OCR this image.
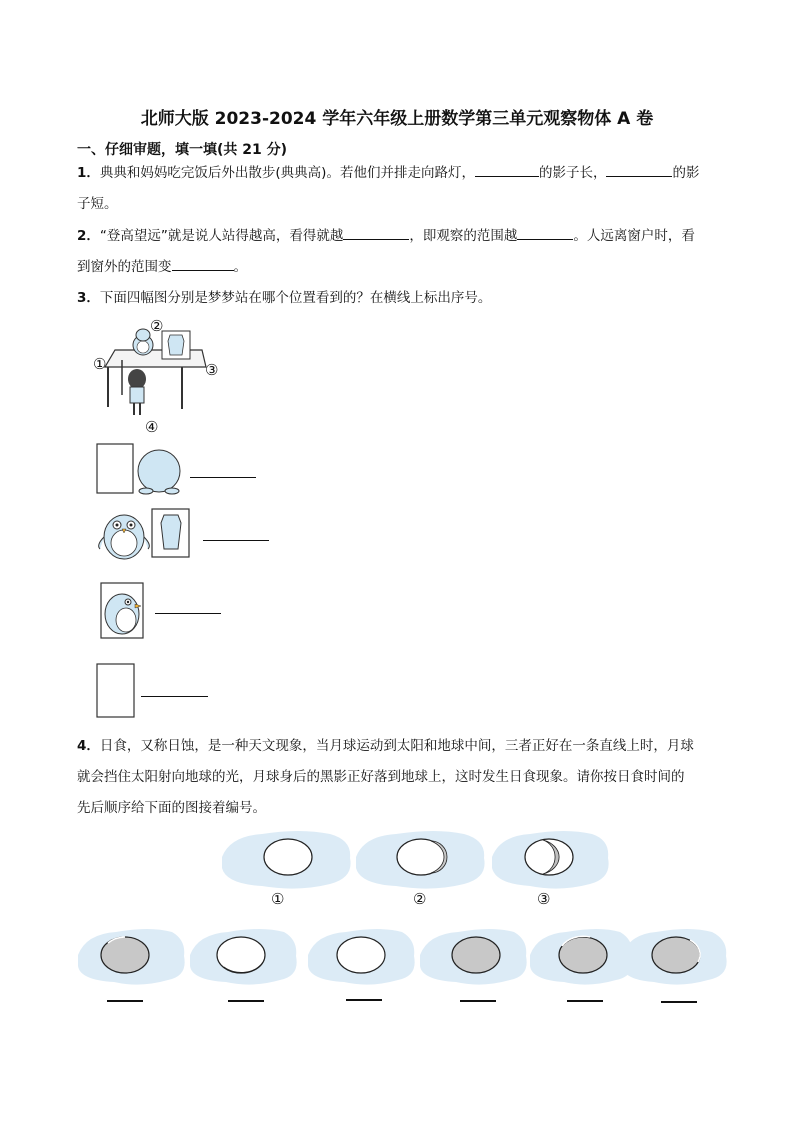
北师大版 2023-2024 学年六年级上册数学第三单元观察物体 A 卷
一、仔细审题，填一填(共 21 分)
1．典典和妈妈吃完饭后外出散步(典典高)。若他们并排走向路灯，	的影子长，	的影
子短。
2．“登高望远”就是说人站得越高，看得就越	，即观察的范围越	。人远离窗户时，看
到窗外的范围变	。
3．下面四幅图分别是梦梦站在哪个位置看到的？在横线上标出序号。
②
①	③
④
4．日食，又称日蚀，是一种天文现象，当月球运动到太阳和地球中间，三者正好在一条直线上时，月球
就会挡住太阳射向地球的光，月球身后的黑影正好落到地球上，这时发生日食现象。请你按日食时间的
先后顺序给下面的图接着编号。
①	②	③
